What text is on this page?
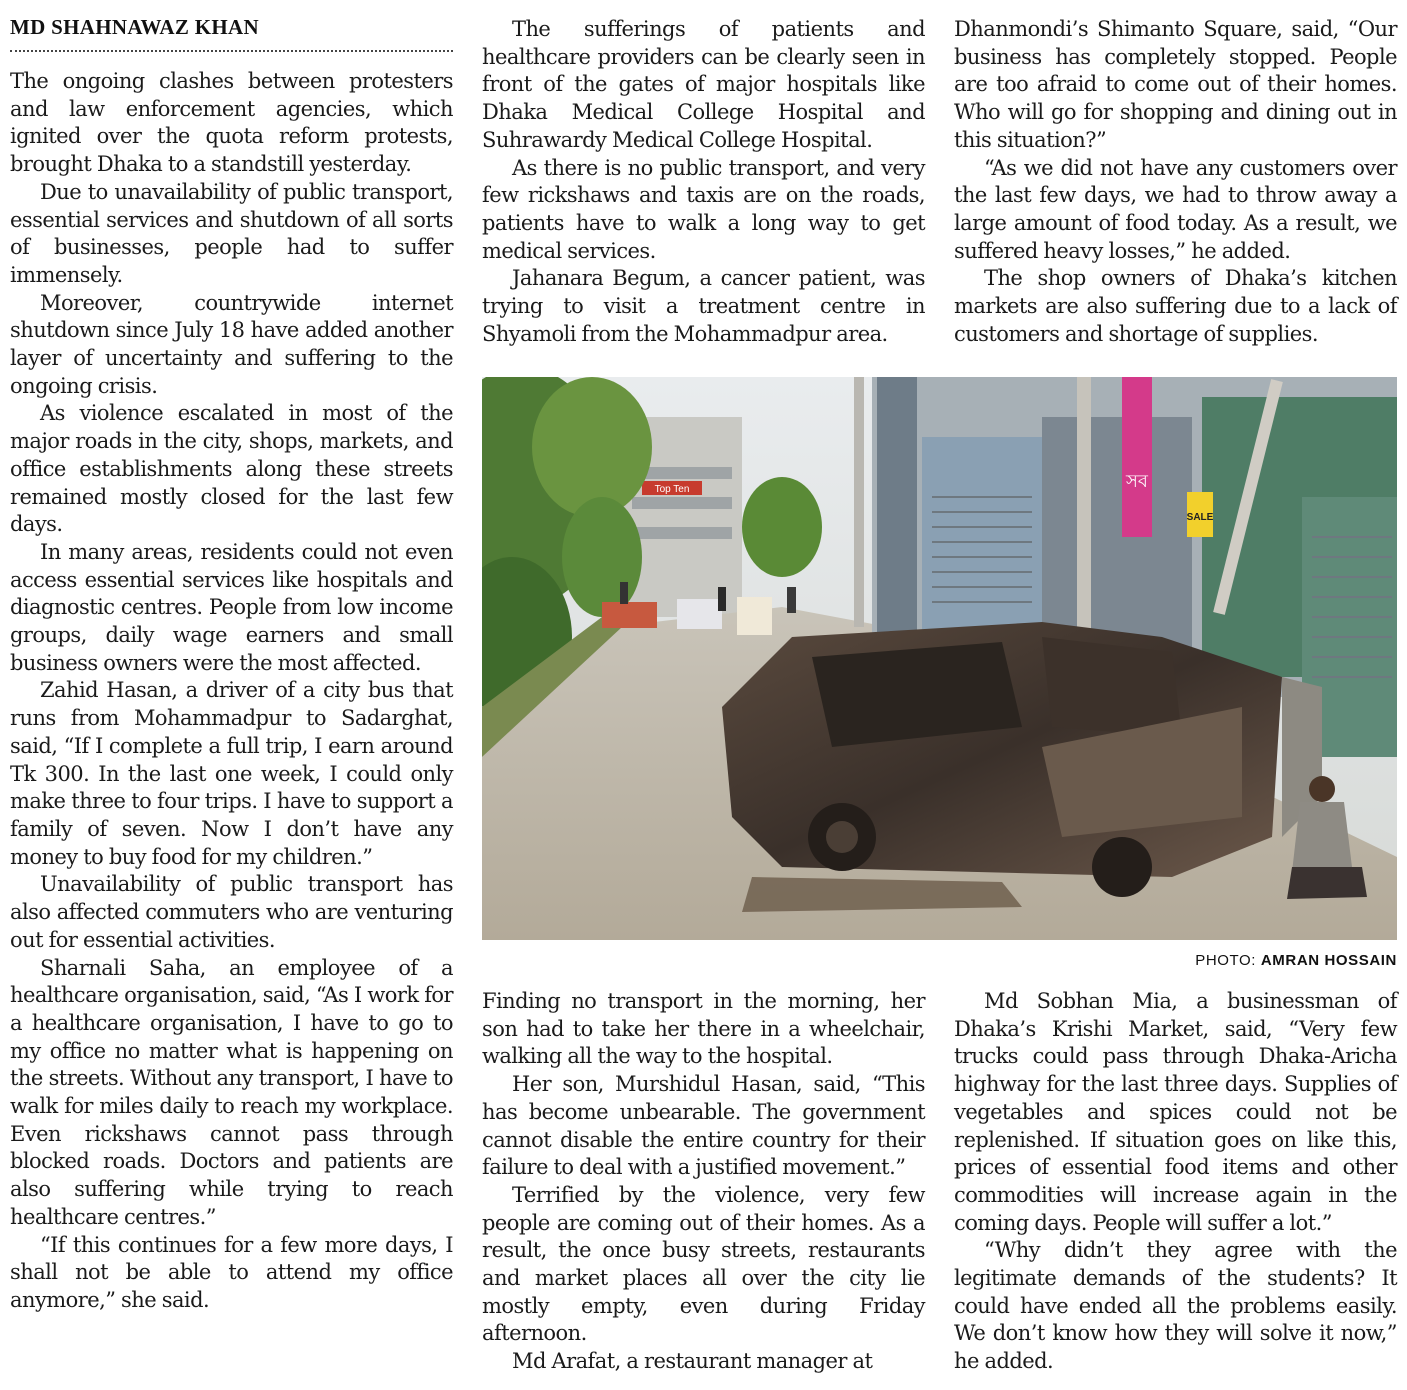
MD SHAHNAWAZ KHAN

The ongoing clashes between protesters and law enforcement agencies, which ignited over the quota reform protests, brought Dhaka to a standstill yesterday.

Due to unavailability of public transport, essential services and shutdown of all sorts of businesses, people had to suffer immensely.

Moreover, countrywide internet shutdown since July 18 have added another layer of uncertainty and suffering to the ongoing crisis.

As violence escalated in most of the major roads in the city, shops, markets, and office establishments along these streets remained mostly closed for the last few days.

In many areas, residents could not even access essential services like hospitals and diagnostic centres. People from low income groups, daily wage earners and small business owners were the most affected.

Zahid Hasan, a driver of a city bus that runs from Mohammadpur to Sadarghat, said, “If I complete a full trip, I earn around Tk 300. In the last one week, I could only make three to four trips. I have to support a family of seven. Now I don’t have any money to buy food for my children.”

Unavailability of public transport has also affected commuters who are venturing out for essential activities.

Sharnali Saha, an employee of a healthcare organisation, said, “As I work for a healthcare organisation, I have to go to my office no matter what is happening on the streets. Without any transport, I have to walk for miles daily to reach my workplace. Even rickshaws cannot pass through blocked roads. Doctors and patients are also suffering while trying to reach healthcare centres.”

“If this continues for a few more days, I shall not be able to attend my office anymore,” she said.

The sufferings of patients and healthcare providers can be clearly seen in front of the gates of major hospitals like Dhaka Medical College Hospital and Suhrawardy Medical College Hospital.

As there is no public transport, and very few rickshaws and taxis are on the roads, patients have to walk a long way to get medical services.

Jahanara Begum, a cancer patient, was trying to visit a treatment centre in Shyamoli from the Mohammadpur area.

Dhanmondi’s Shimanto Square, said, “Our business has completely stopped. People are too afraid to come out of their homes. Who will go for shopping and dining out in this situation?”

“As we did not have any customers over the last few days, we had to throw away a large amount of food today. As a result, we suffered heavy losses,” he added.

The shop owners of Dhaka’s kitchen markets are also suffering due to a lack of customers and shortage of supplies.

Top Ten	সব
SALE
PHOTO: AMRAN HOSSAIN

Finding no transport in the morning, her son had to take her there in a wheelchair, walking all the way to the hospital.

Her son, Murshidul Hasan, said, “This has become unbearable. The government cannot disable the entire country for their failure to deal with a justified movement.”

Terrified by the violence, very few people are coming out of their homes. As a result, the once busy streets, restaurants and market places all over the city lie mostly empty, even during Friday afternoon.

Md Arafat, a restaurant manager at

Md Sobhan Mia, a businessman of Dhaka’s Krishi Market, said, “Very few trucks could pass through Dhaka-Aricha highway for the last three days. Supplies of vegetables and spices could not be replenished. If situation goes on like this, prices of essential food items and other commodities will increase again in the coming days. People will suffer a lot.”

“Why didn’t they agree with the legitimate demands of the students? It could have ended all the problems easily. We don’t know how they will solve it now,” he added.
